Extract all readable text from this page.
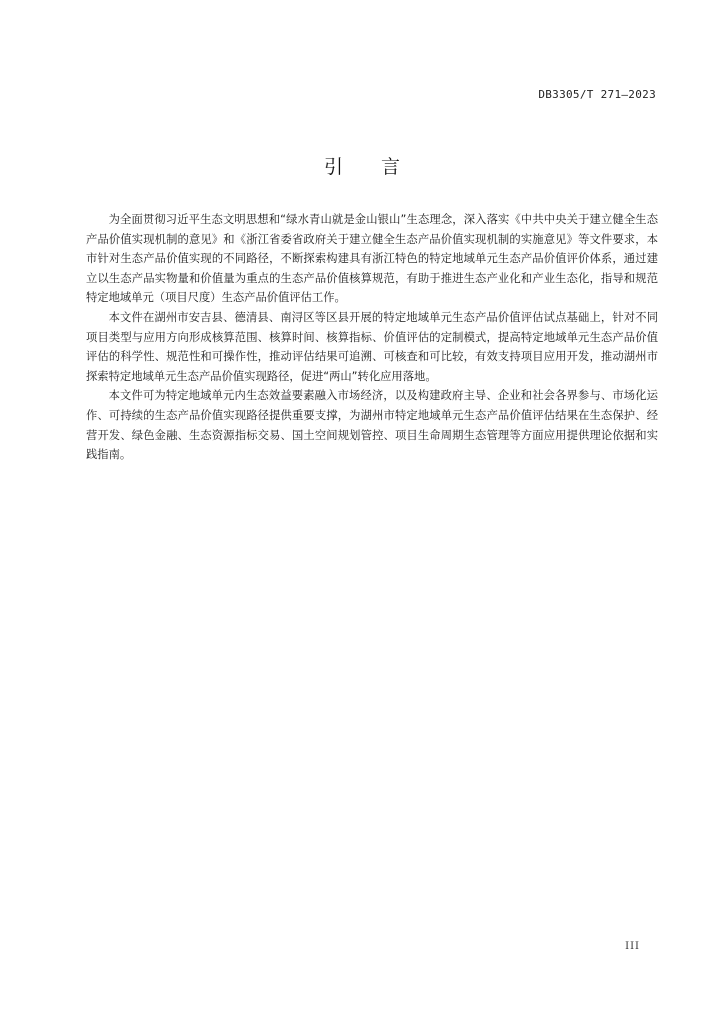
DB3305/T 271—2023
引言

为全面贯彻习近平生态文明思想和“绿水青山就是金山银山”生态理念，深入落实《中共中央关于建立健全生态产品价值实现机制的意见》和《浙江省委省政府关于建立健全生态产品价值实现机制的实施意见》等文件要求，本市针对生态产品价值实现的不同路径，不断探索构建具有浙江特色的特定地域单元生态产品价值评价体系，通过建立以生态产品实物量和价值量为重点的生态产品价值核算规范，有助于推进生态产业化和产业生态化，指导和规范特定地域单元（项目尺度）生态产品价值评估工作。

本文件在湖州市安吉县、德清县、南浔区等区县开展的特定地域单元生态产品价值评估试点基础上，针对不同项目类型与应用方向形成核算范围、核算时间、核算指标、价值评估的定制模式，提高特定地域单元生态产品价值评估的科学性、规范性和可操作性，推动评估结果可追溯、可核查和可比较，有效支持项目应用开发，推动湖州市探索特定地域单元生态产品价值实现路径，促进“两山”转化应用落地。

本文件可为特定地域单元内生态效益要素融入市场经济，以及构建政府主导、企业和社会各界参与、市场化运作、可持续的生态产品价值实现路径提供重要支撑，为湖州市特定地域单元生态产品价值评估结果在生态保护、经营开发、绿色金融、生态资源指标交易、国土空间规划管控、项目生命周期生态管理等方面应用提供理论依据和实践指南。

III
